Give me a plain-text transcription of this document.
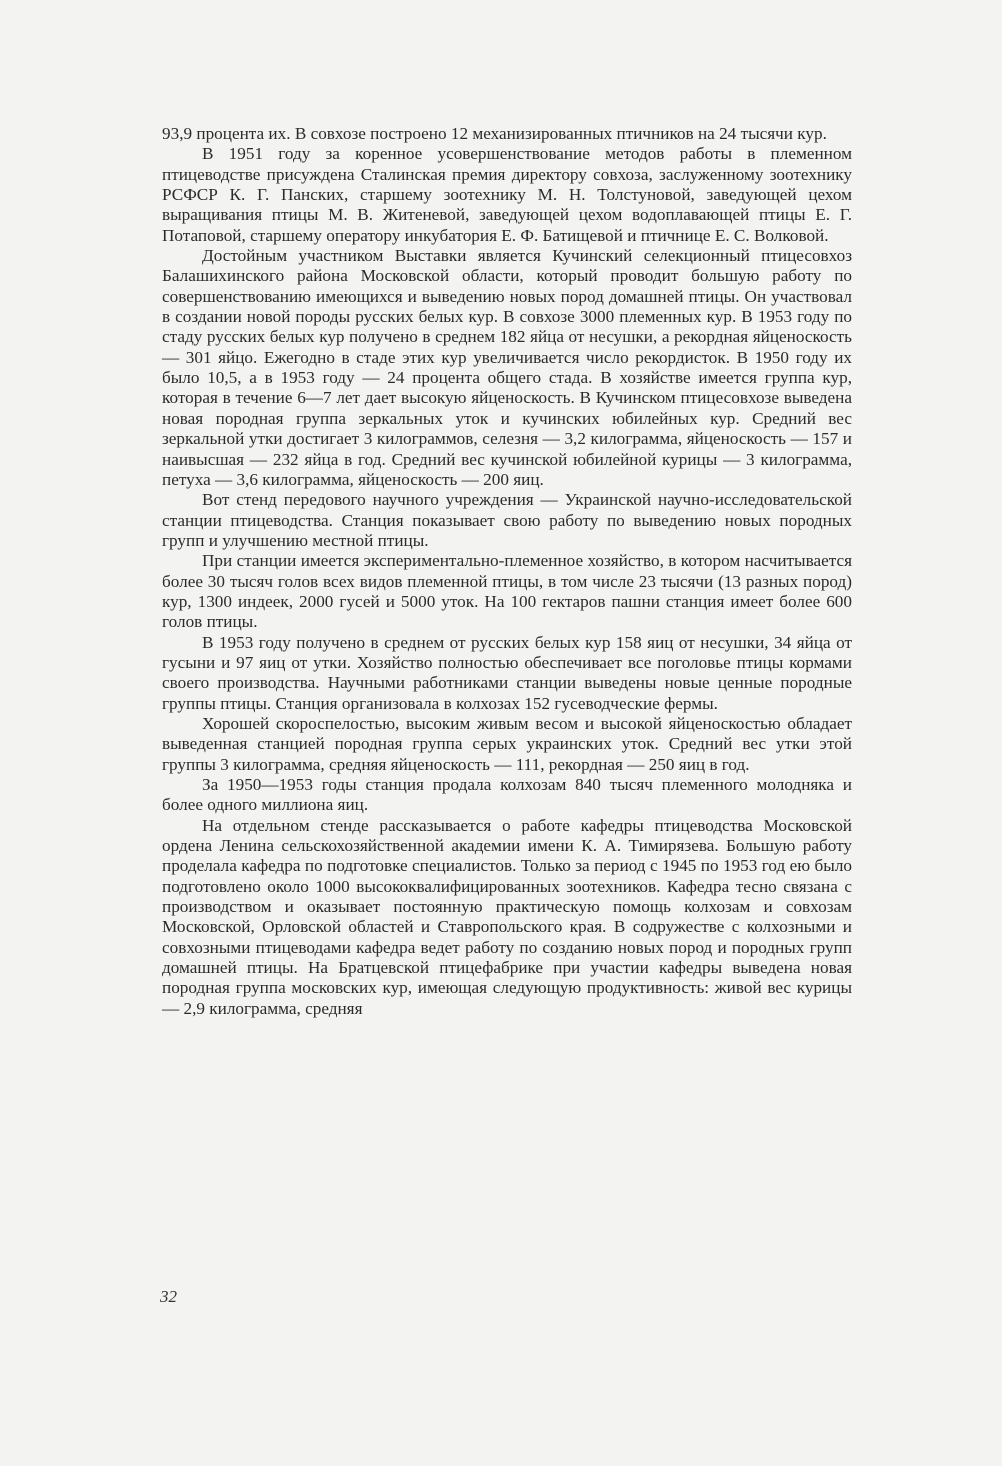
93,9 процента их. В совхозе построено 12 механизированных птичников на 24 тысячи кур.

В 1951 году за коренное усовершенствование методов работы в племенном птицеводстве присуждена Сталинская премия директору совхоза, заслуженному зоотехнику РСФСР К. Г. Панских, старшему зоотехнику М. Н. Толстуновой, заведующей цехом выращивания птицы М. В. Житеневой, заведующей цехом водоплавающей птицы Е. Г. Потаповой, старшему оператору инкубатория Е. Ф. Батищевой и птичнице Е. С. Волковой.

Достойным участником Выставки является Кучинский селекционный птицесовхоз Балашихинского района Московской области, который проводит большую работу по совершенствованию имеющихся и выведению новых пород домашней птицы. Он участвовал в создании новой породы русских белых кур. В совхозе 3000 племенных кур. В 1953 году по стаду русских белых кур получено в среднем 182 яйца от несушки, а рекордная яйценоскость — 301 яйцо. Ежегодно в стаде этих кур увеличивается число рекордисток. В 1950 году их было 10,5, а в 1953 году — 24 процента общего стада. В хозяйстве имеется группа кур, которая в течение 6—7 лет дает высокую яйценоскость. В Кучинском птицесовхозе выведена новая породная группа зеркальных уток и кучинских юбилейных кур. Средний вес зеркальной утки достигает 3 килограммов, селезня — 3,2 килограмма, яйценоскость — 157 и наивысшая — 232 яйца в год. Средний вес кучинской юбилейной курицы — 3 килограмма, петуха — 3,6 килограмма, яйценоскость — 200 яиц.

Вот стенд передового научного учреждения — Украинской научно-исследовательской станции птицеводства. Станция показывает свою работу по выведению новых породных групп и улучшению местной птицы.

При станции имеется экспериментально-племенное хозяйство, в котором насчитывается более 30 тысяч голов всех видов племенной птицы, в том числе 23 тысячи (13 разных пород) кур, 1300 индеек, 2000 гусей и 5000 уток. На 100 гектаров пашни станция имеет более 600 голов птицы.

В 1953 году получено в среднем от русских белых кур 158 яиц от несушки, 34 яйца от гусыни и 97 яиц от утки. Хозяйство полностью обеспечивает все поголовье птицы кормами своего производства. Научными работниками станции выведены новые ценные породные группы птицы. Станция организовала в колхозах 152 гусеводческие фермы.

Хорошей скороспелостью, высоким живым весом и высокой яйценоскостью обладает выведенная станцией породная группа серых украинских уток. Средний вес утки этой группы 3 килограмма, средняя яйценоскость — 111, рекордная — 250 яиц в год.

За 1950—1953 годы станция продала колхозам 840 тысяч племенного молодняка и более одного миллиона яиц.

На отдельном стенде рассказывается о работе кафедры птицеводства Московской ордена Ленина сельскохозяйственной академии имени К. А. Тимирязева. Большую работу проделала кафедра по подготовке специалистов. Только за период с 1945 по 1953 год ею было подготовлено около 1000 высококвалифицированных зоотехников. Кафедра тесно связана с производством и оказывает постоянную практическую помощь колхозам и совхозам Московской, Орловской областей и Ставропольского края. В содружестве с колхозными и совхозными птицеводами кафедра ведет работу по созданию новых пород и породных групп домашней птицы. На Братцевской птицефабрике при участии кафедры выведена новая породная группа московских кур, имеющая следующую продуктивность: живой вес курицы — 2,9 килограмма, средняя

32
